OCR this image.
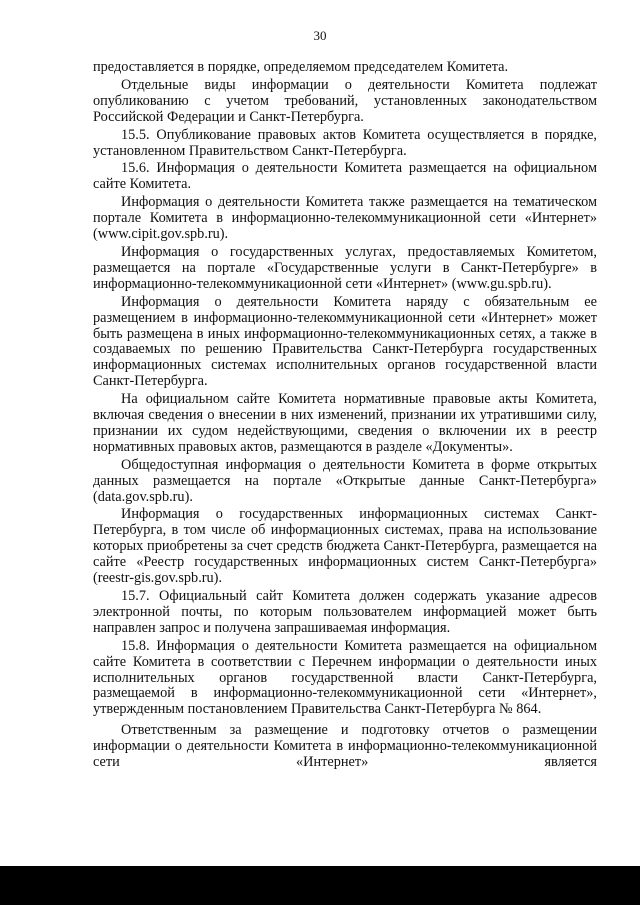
30

предоставляется в порядке, определяемом председателем Комитета.

Отдельные виды информации о деятельности Комитета подлежат опубликованию с учетом требований, установленных законодательством Российской Федерации и Санкт-Петербурга.

15.5. Опубликование правовых актов Комитета осуществляется в порядке, установленном Правительством Санкт-Петербурга.

15.6. Информация о деятельности Комитета размещается на официальном сайте Комитета.

Информация о деятельности Комитета также размещается на тематическом портале Комитета в информационно-телекоммуникационной сети «Интернет» (www.cipit.gov.spb.ru).

Информация о государственных услугах, предоставляемых Комитетом, размещается на портале «Государственные услуги в Санкт-Петербурге» в информационно-телекоммуникационной сети «Интернет» (www.gu.spb.ru).

Информация о деятельности Комитета наряду с обязательным ее размещением в информационно-телекоммуникационной сети «Интернет» может быть размещена в иных информационно-телекоммуникационных сетях, а также в создаваемых по решению Правительства Санкт-Петербурга государственных информационных системах исполнительных органов государственной власти Санкт-Петербурга.

На официальном сайте Комитета нормативные правовые акты Комитета, включая сведения о внесении в них изменений, признании их утратившими силу, признании их судом недействующими, сведения о включении их в реестр нормативных правовых актов, размещаются в разделе «Документы».

Общедоступная информация о деятельности Комитета в форме открытых данных размещается на портале «Открытые данные Санкт-Петербурга» (data.gov.spb.ru).

Информация о государственных информационных системах Санкт-Петербурга, в том числе об информационных системах, права на использование которых приобретены за счет средств бюджета Санкт-Петербурга, размещается на сайте «Реестр государственных информационных систем Санкт-Петербурга» (reestr-gis.gov.spb.ru).

15.7. Официальный сайт Комитета должен содержать указание адресов электронной почты, по которым пользователем информацией может быть направлен запрос и получена запрашиваемая информация.

15.8. Информация о деятельности Комитета размещается на официальном сайте Комитета в соответствии с Перечнем информации о деятельности иных исполнительных органов государственной власти Санкт-Петербурга, размещаемой в информационно-телекоммуникационной сети «Интернет», утвержденным постановлением Правительства Санкт-Петербурга № 864.

Ответственным за размещение и подготовку отчетов о размещении информации о деятельности Комитета в информационно-телекоммуникационной сети «Интернет» является
